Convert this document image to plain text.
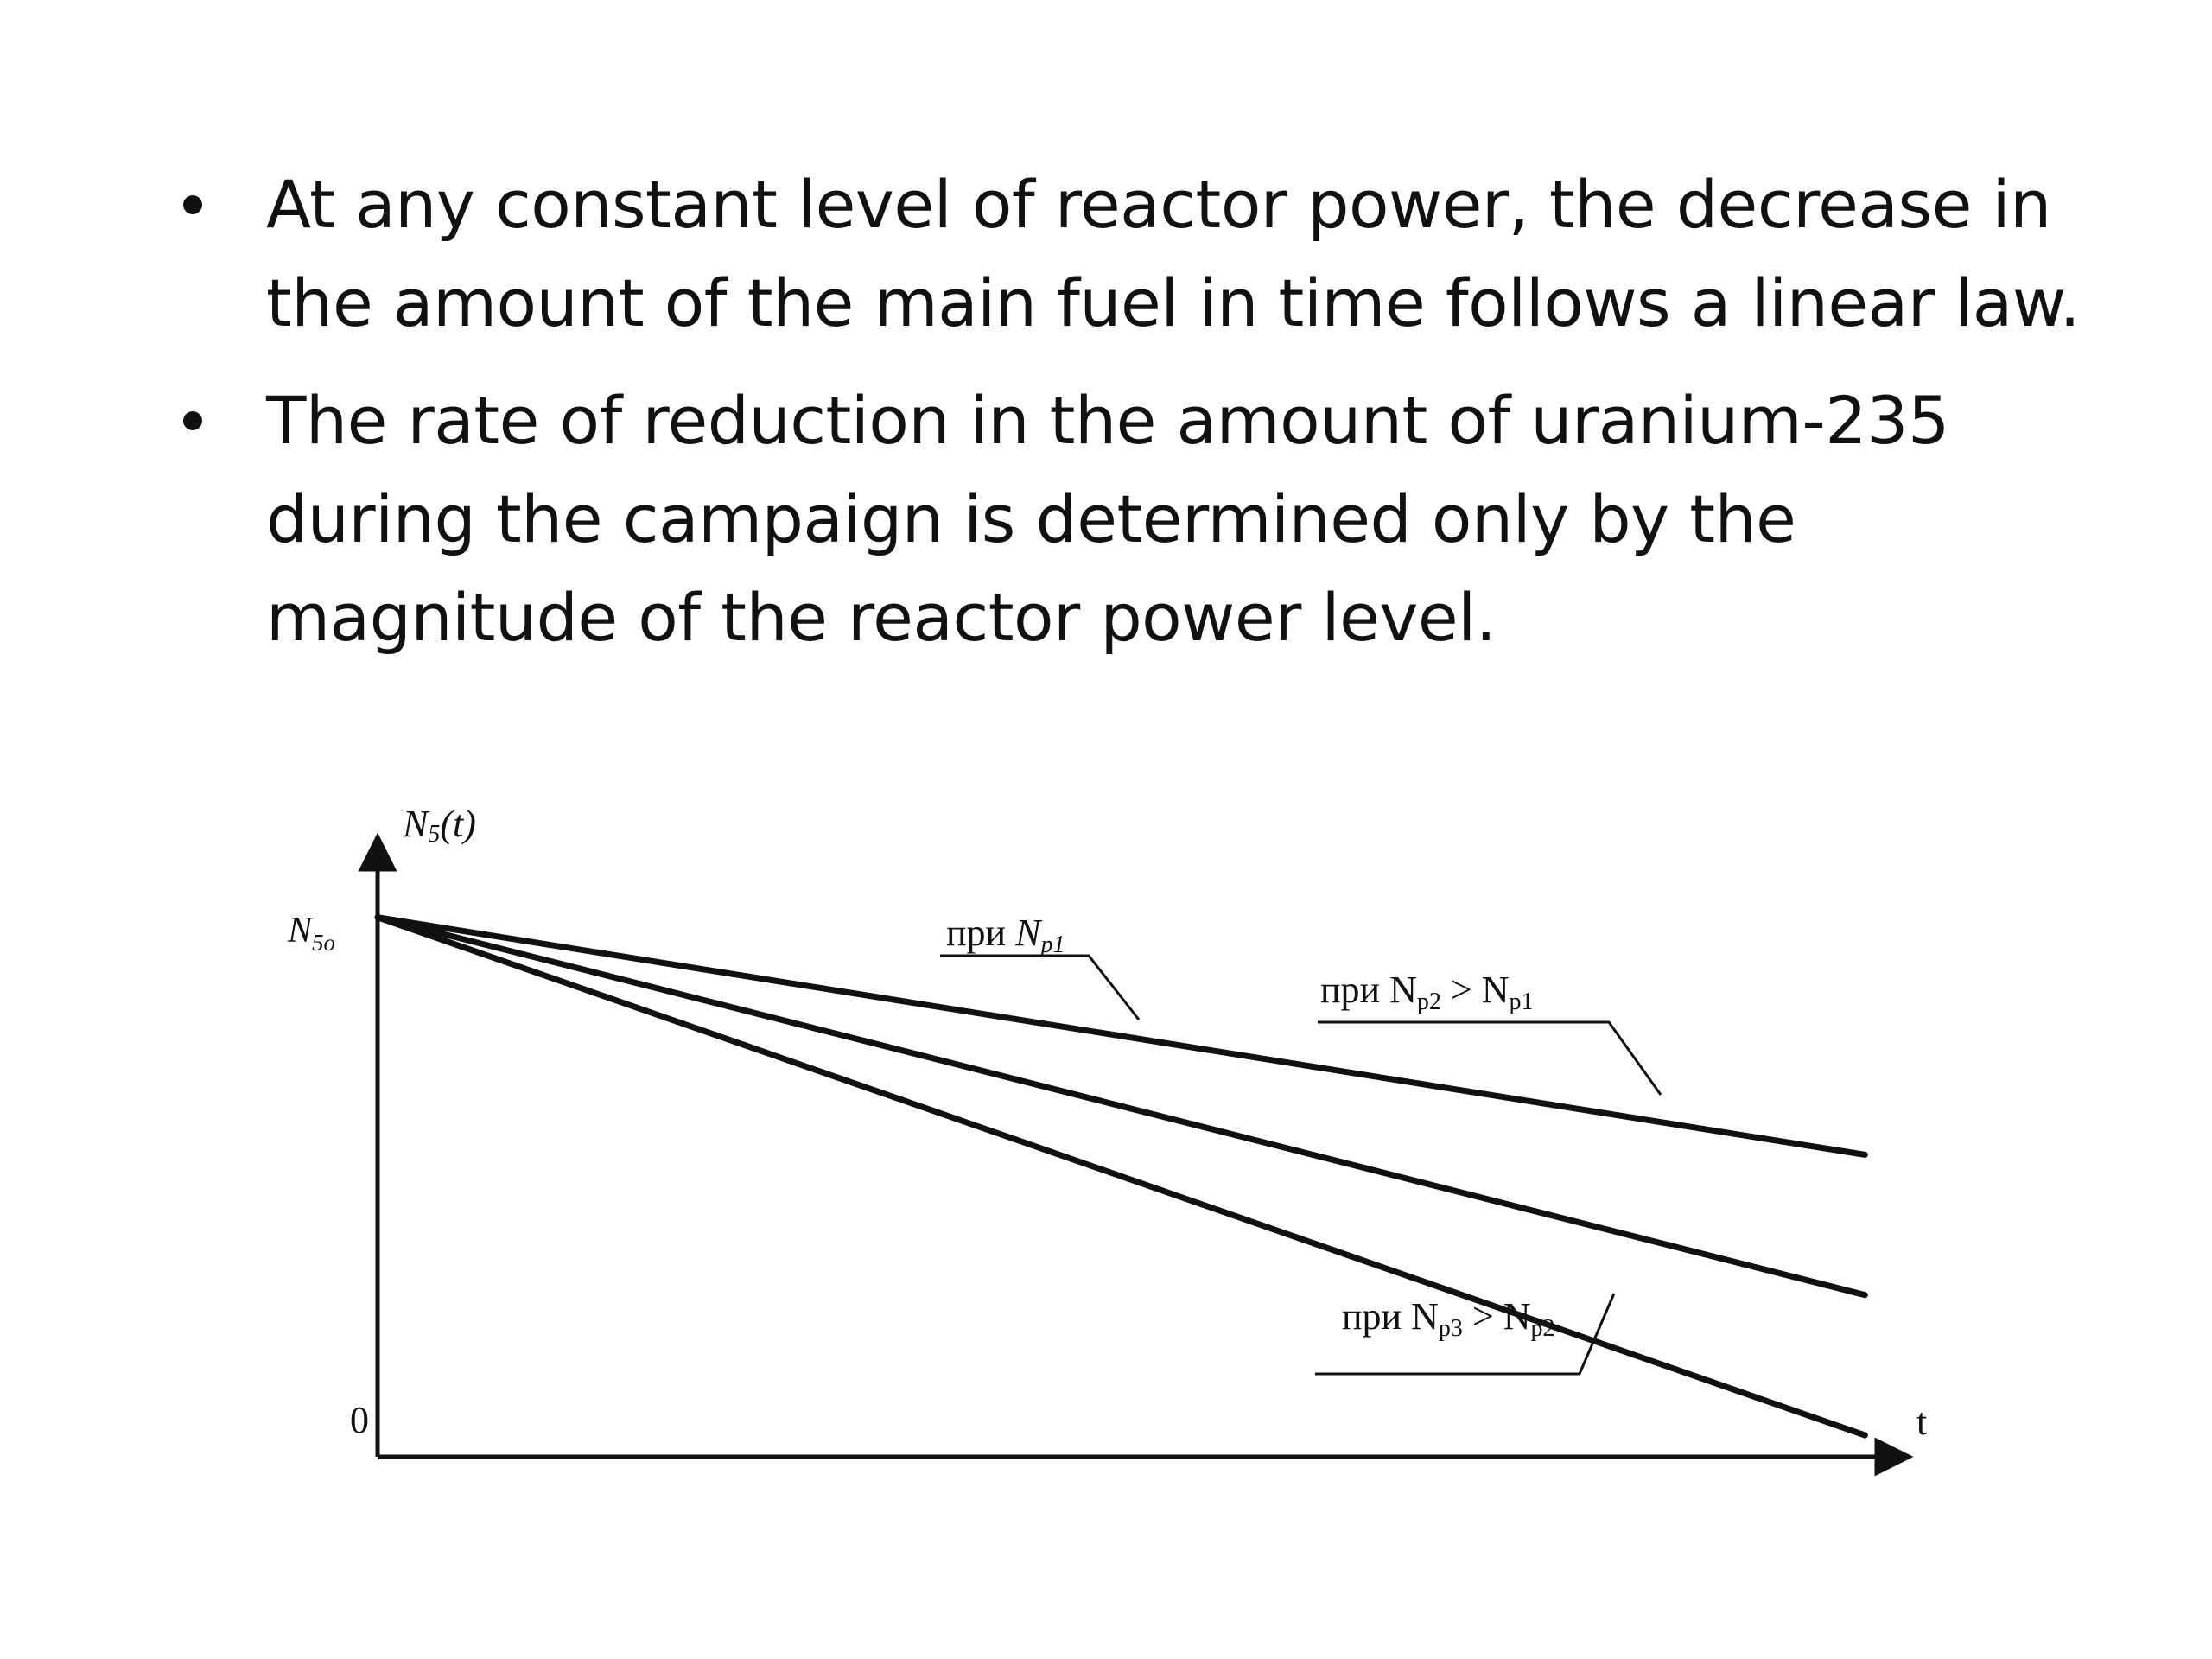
At any constant level of reactor power, the decrease in the amount of the main fuel in time follows a linear law.
The rate of reduction in the amount of uranium-235 during the campaign is determined only by the magnitude of the reactor power level.
N5(t)
t
0
$N_{5o}$	при Np1
при Np2 > Np1
при Np3 > Np2
